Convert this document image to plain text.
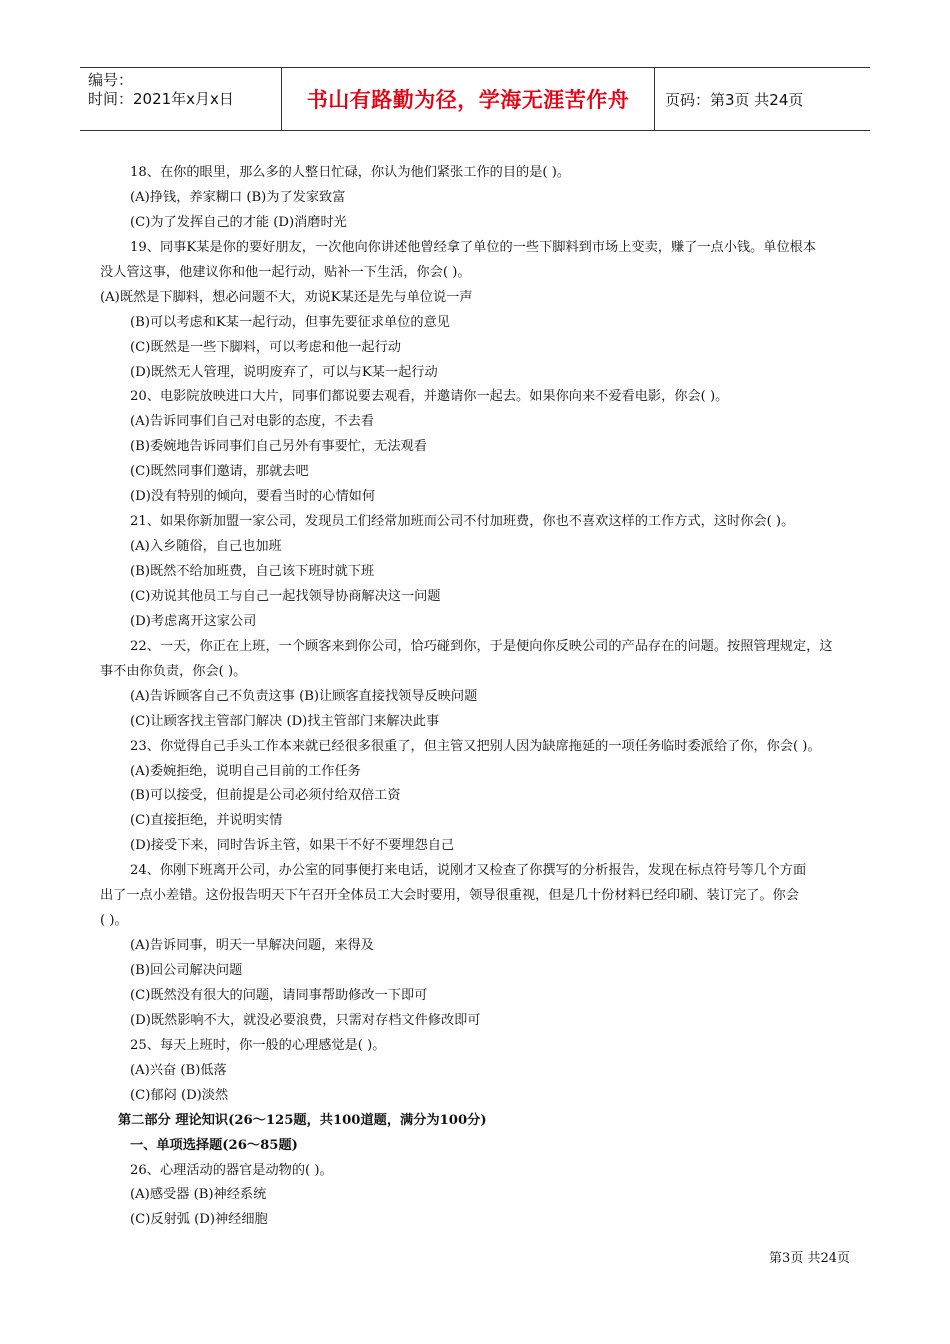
编号：
时间：2021年x月x日	书山有路勤为径，学海无涯苦作舟	页码：第3页 共24页
18、在你的眼里，那么多的人整日忙碌，你认为他们紧张工作的目的是( )。
(A)挣钱，养家糊口 (B)为了发家致富
(C)为了发挥自己的才能 (D)消磨时光
19、同事K某是你的要好朋友，一次他向你讲述他曾经拿了单位的一些下脚料到市场上变卖，赚了一点小钱。单位根本
没人管这事，他建议你和他一起行动，贴补一下生活，你会( )。
(A)既然是下脚料，想必问题不大，劝说K某还是先与单位说一声
(B)可以考虑和K某一起行动，但事先要征求单位的意见
(C)既然是一些下脚料，可以考虑和他一起行动
(D)既然无人管理，说明废弃了，可以与K某一起行动
20、电影院放映进口大片，同事们都说要去观看，并邀请你一起去。如果你向来不爱看电影，你会( )。
(A)告诉同事们自己对电影的态度，不去看
(B)委婉地告诉同事们自己另外有事要忙，无法观看
(C)既然同事们邀请，那就去吧
(D)没有特别的倾向，要看当时的心情如何
21、如果你新加盟一家公司，发现员工们经常加班而公司不付加班费，你也不喜欢这样的工作方式，这时你会( )。
(A)入乡随俗，自己也加班
(B)既然不给加班费，自己该下班时就下班
(C)劝说其他员工与自己一起找领导协商解决这一问题
(D)考虑离开这家公司
22、一天，你正在上班，一个顾客来到你公司，恰巧碰到你，于是便向你反映公司的产品存在的问题。按照管理规定，这
事不由你负责，你会( )。
(A)告诉顾客自己不负责这事 (B)让顾客直接找领导反映问题
(C)让顾客找主管部门解决 (D)找主管部门来解决此事
23、你觉得自己手头工作本来就已经很多很重了，但主管又把别人因为缺席拖延的一项任务临时委派给了你，你会( )。
(A)委婉拒绝，说明自己目前的工作任务
(B)可以接受，但前提是公司必须付给双倍工资
(C)直接拒绝，并说明实情
(D)接受下来，同时告诉主管，如果干不好不要埋怨自己
24、你刚下班离开公司，办公室的同事便打来电话，说刚才又检查了你撰写的分析报告，发现在标点符号等几个方面
出了一点小差错。这份报告明天下午召开全体员工大会时要用，领导很重视，但是几十份材料已经印刷、装订完了。你会
( )。
(A)告诉同事，明天一早解决问题，来得及
(B)回公司解决问题
(C)既然没有很大的问题，请同事帮助修改一下即可
(D)既然影响不大，就没必要浪费，只需对存档文件修改即可
25、每天上班时，你一般的心理感觉是( )。
(A)兴奋 (B)低落
(C)郁闷 (D)淡然
第二部分 理论知识(26～125题，共100道题，满分为100分)
一、单项选择题(26～85题)
26、心理活动的器官是动物的( )。
(A)感受器 (B)神经系统
(C)反射弧 (D)神经细胞
第3页 共24页
